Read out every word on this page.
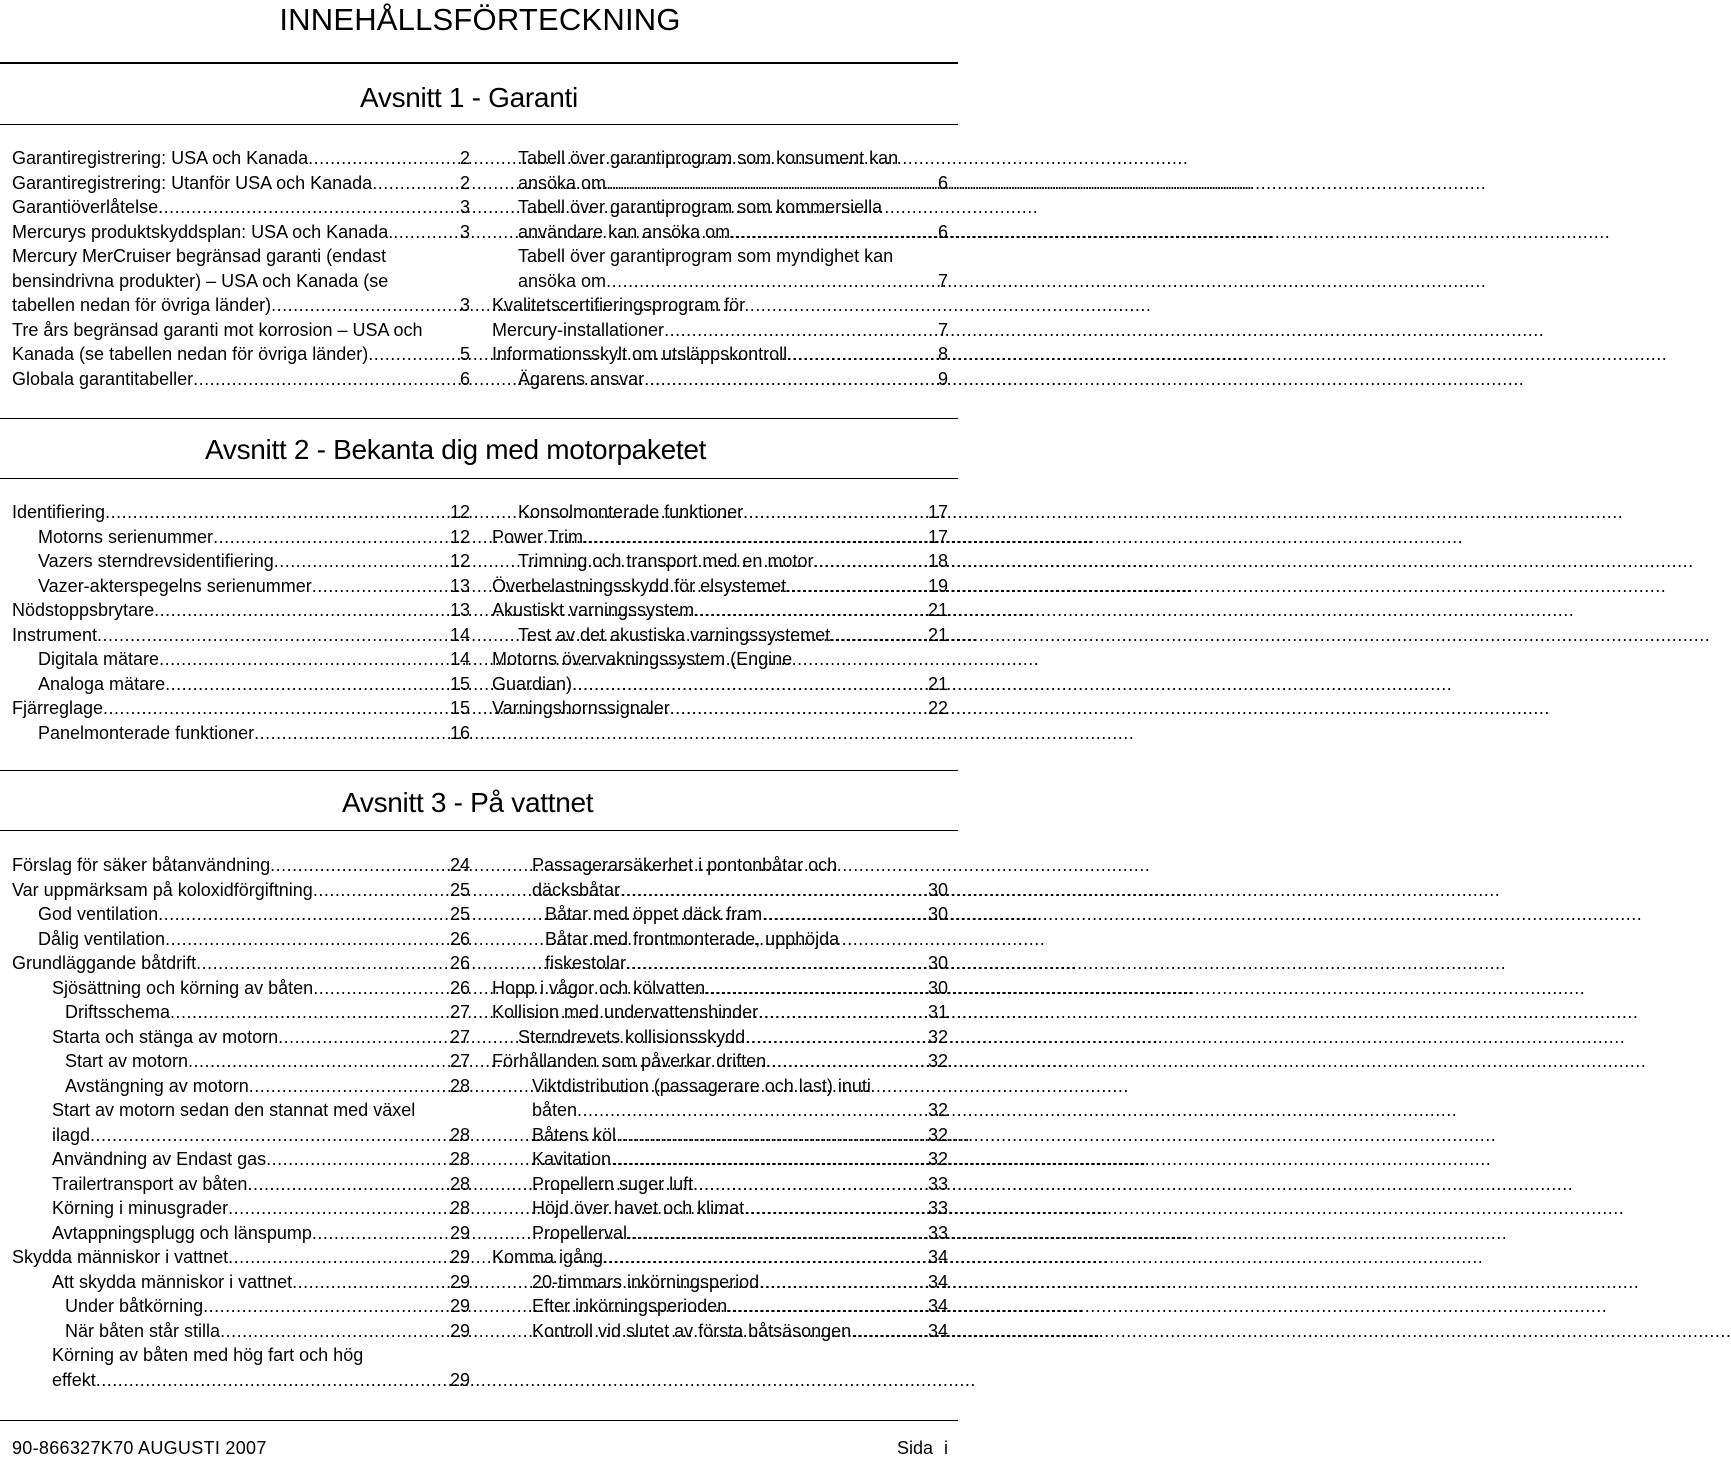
INNEHÅLLSFÖRTECKNING
Avsnitt 1 - Garanti
Garantiregistrering: USA och Kanada .....	2
Garantiregistrering: Utanför USA och Kanada .....	2
Garantiöverlåtelse .....	3
Mercurys produktskyddsplan: USA och Kanada. .....	3
Mercury MerCruiser begränsad garanti (endast
bensindrivna produkter) – USA och Kanada (se
tabellen nedan för övriga länder) .....	3
Tre års begränsad garanti mot korrosion – USA och
Kanada (se tabellen nedan för övriga länder) .....	5
Globala garantitabeller .....	6
Tabell över garantiprogram som konsument kan
ansöka om .....	6
Tabell över garantiprogram som kommersiella
användare kan ansöka om .....	6
Tabell över garantiprogram som myndighet kan
ansöka om .....	7
Kvalitetscertifieringsprogram för
Mercury-installationer .....	7
Informationsskylt om utsläppskontroll .....	8
Ägarens ansvar .....	9
Avsnitt 2 - Bekanta dig med motorpaketet
Identifiering .....	12
Motorns serienummer .....	12
Vazers sterndrevsidentifiering .....	12
Vazer-akterspegelns serienummer .....	13
Nödstoppsbrytare .....	13
Instrument .....	14
Digitala mätare .....	14
Analoga mätare .....	15
Fjärreglage .....	15
Panelmonterade funktioner .....	16
Konsolmonterade funktioner .....	17
Power Trim .....	17
Trimning och transport med en motor .....	18
Överbelastningsskydd för elsystemet .....	19
Akustiskt varningssystem .....	21
Test av det akustiska varningssystemet .....	21
Motorns övervakningssystem (Engine
Guardian) .....	21
Varningshornssignaler .....	22
Avsnitt 3 - På vattnet
Förslag för säker båtanvändning .....	24
Var uppmärksam på koloxidförgiftning .....	25
God ventilation .....	25
Dålig ventilation .....	26
Grundläggande båtdrift .....	26
Sjösättning och körning av båten .....	26
Driftsschema .....	27
Starta och stänga av motorn .....	27
Start av motorn .....	27
Avstängning av motorn .....	28
Start av motorn sedan den stannat med växel
ilagd .....	28
Användning av Endast gas .....	28
Trailertransport av båten .....	28
Körning i minusgrader .....	28
Avtappningsplugg och länspump .....	29
Skydda människor i vattnet .....	29
Att skydda människor i vattnet .....	29
Under båtkörning .....	29
När båten står stilla .....	29
Körning av båten med hög fart och hög
effekt .....	29
Passagerarsäkerhet i pontonbåtar och
däcksbåtar .....	30
Båtar med öppet däck fram .....	30
Båtar med frontmonterade, upphöjda
fiskestolar .....	30
Hopp i vågor och kölvatten .....	30
Kollision med undervattenshinder .....	31
Sterndrevets kollisionsskydd .....	32
Förhållanden som påverkar driften .....	32
Viktdistribution (passagerare och last) inuti
båten .....	32
Båtens köl .....	32
Kavitation .....	32
Propellern suger luft .....	33
Höjd över havet och klimat .....	33
Propellerval .....	33
Komma igång .....	34
20-timmars inkörningsperiod .....	34
Efter inkörningsperioden .....	34
Kontroll vid slutet av första båtsäsongen .....	34
90-866327K70 AUGUSTI 2007	Sida i
